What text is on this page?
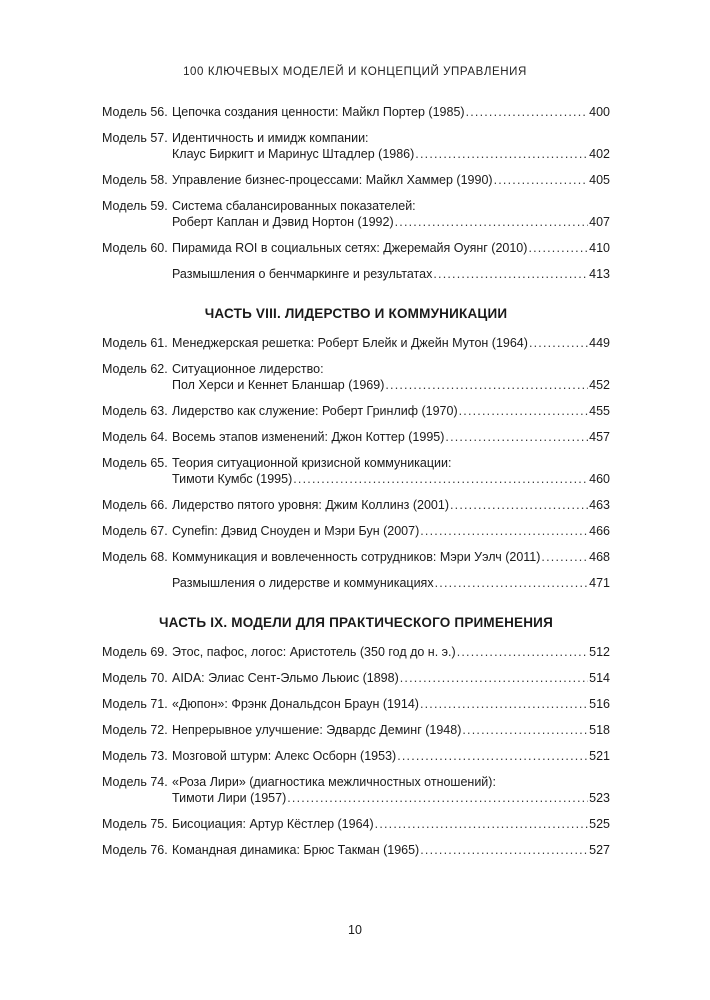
100 КЛЮЧЕВЫХ МОДЕЛЕЙ И КОНЦЕПЦИЙ УПРАВЛЕНИЯ
Модель 56. Цепочка создания ценности: Майкл Портер (1985) .....	400
Модель 57. Идентичность и имидж компании:
Клаус Биркигт и Маринус Штадлер (1986) .....	402
Модель 58. Управление бизнес-процессами: Майкл Хаммер (1990) .....	405
Модель 59. Система сбалансированных показателей:
Роберт Каплан и Дэвид Нортон (1992) .....	407
Модель 60. Пирамида ROI в социальных сетях: Джеремайя Оуянг (2010) .....	410
Размышления о бенчмаркинге и результатах .....	413
ЧАСТЬ VIII. ЛИДЕРСТВО И КОММУНИКАЦИИ
Модель 61. Менеджерская решетка: Роберт Блейк и Джейн Мутон (1964) .....	449
Модель 62. Ситуационное лидерство:
Пол Херси и Кеннет Бланшар (1969) .....	452
Модель 63. Лидерство как служение: Роберт Гринлиф (1970) .....	455
Модель 64. Восемь этапов изменений: Джон Коттер (1995) .....	457
Модель 65. Теория ситуационной кризисной коммуникации:
Тимоти Кумбс (1995) .....	460
Модель 66. Лидерство пятого уровня: Джим Коллинз (2001) .....	463
Модель 67. Cynefin: Дэвид Сноуден и Мэри Бун (2007) .....	466
Модель 68. Коммуникация и вовлеченность сотрудников: Мэри Уэлч (2011) .....	468
Размышления о лидерстве и коммуникациях .....	471
ЧАСТЬ IX. МОДЕЛИ ДЛЯ ПРАКТИЧЕСКОГО ПРИМЕНЕНИЯ
Модель 69. Этос, пафос, логос: Аристотель (350 год до н. э.) .....	512
Модель 70. AIDA: Элиас Сент-Эльмо Льюис (1898) .....	514
Модель 71. «Дюпон»: Фрэнк Дональдсон Браун (1914) .....	516
Модель 72. Непрерывное улучшение: Эдвардс Деминг (1948) .....	518
Модель 73. Мозговой штурм: Алекс Осборн (1953) .....	521
Модель 74. «Роза Лири» (диагностика межличностных отношений):
Тимоти Лири (1957) .....	523
Модель 75. Бисоциация: Артур Кёстлер (1964) .....	525
Модель 76. Командная динамика: Брюс Такман (1965) .....	527
10
